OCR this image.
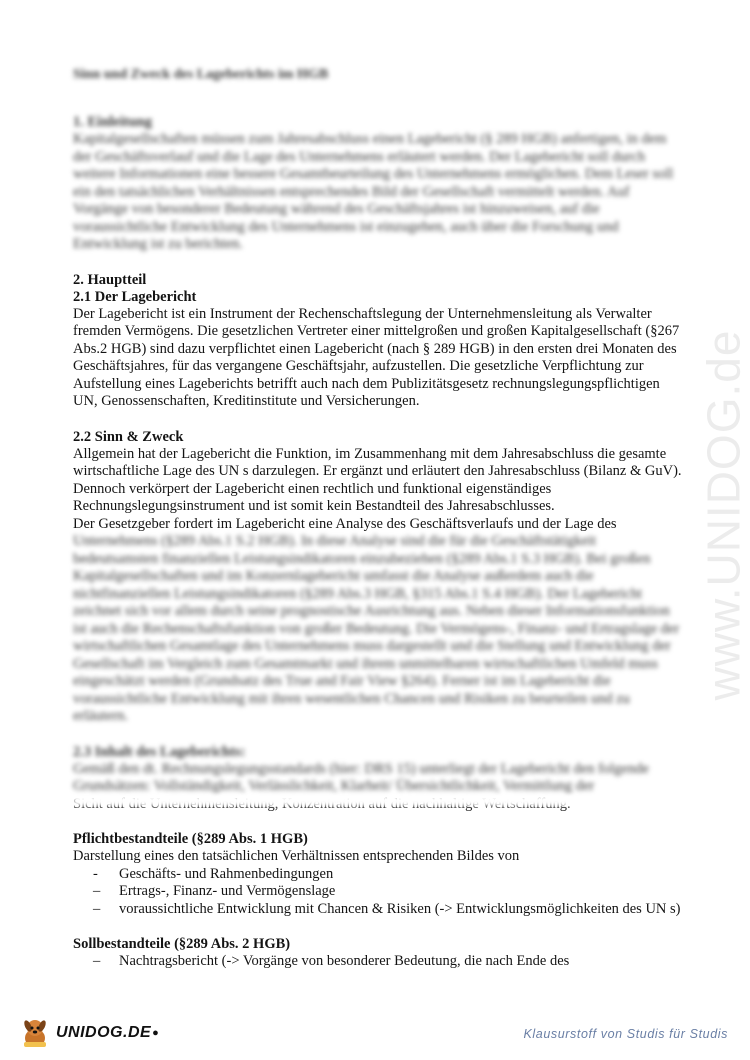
www.UNIDOG.de
Sinn und Zweck des Lageberichts im HGB
1. Einleitung
Kapitalgesellschaften müssen zum Jahresabschluss einen Lagebericht (§ 289 HGB) anfertigen, in dem der Geschäftsverlauf und die Lage des Unternehmens erläutert werden. Der Lagebericht soll durch weitere Informationen eine bessere Gesamtbeurteilung des Unternehmens ermöglichen. Dem Leser soll ein den tatsächlichen Verhältnissen entsprechendes Bild der Gesellschaft vermittelt werden. Auf Vorgänge von besonderer Bedeutung während des Geschäftsjahres ist hinzuweisen, auf die voraussichtliche Entwicklung des Unternehmens ist einzugehen, auch über die Forschung und Entwicklung ist zu berichten.
2. Hauptteil
2.1 Der Lagebericht
Der Lagebericht ist ein Instrument der Rechenschaftslegung der Unternehmensleitung als Verwalter fremden Vermögens. Die gesetzlichen Vertreter einer mittelgroßen und großen Kapitalgesellschaft (§267 Abs.2 HGB) sind dazu verpflichtet einen Lagebericht (nach § 289 HGB) in den ersten drei Monaten des Geschäftsjahres, für das vergangene Geschäftsjahr, aufzustellen. Die gesetzliche Verpflichtung zur Aufstellung eines Lageberichts betrifft auch nach dem Publizitätsgesetz rechnungslegungspflichtigen UN, Genossenschaften, Kreditinstitute und Versicherungen.
2.2 Sinn & Zweck
Allgemein hat der Lagebericht die Funktion, im Zusammenhang mit dem Jahresabschluss die gesamte wirtschaftliche Lage des UN s darzulegen. Er ergänzt und erläutert den Jahresabschluss (Bilanz & GuV). Dennoch verkörpert der Lagebericht einen rechtlich und funktional eigenständiges Rechnungslegungsinstrument und ist somit kein Bestandteil des Jahresabschlusses.
Der Gesetzgeber fordert im Lagebericht eine Analyse des Geschäftsverlaufs und der Lage des
Unternehmens (§289 Abs.1 S.2 HGB). In diese Analyse sind die für die Geschäftstätigkeit bedeutsamsten finanziellen Leistungsindikatoren einzubeziehen (§289 Abs.1 S.3 HGB). Bei großen Kapitalgesellschaften und im Konzernlagebericht umfasst die Analyse außerdem auch die nichtfinanziellen Leistungsindikatoren (§289 Abs.3 HGB, §315 Abs.1 S.4 HGB). Der Lagebericht zeichnet sich vor allem durch seine prognostische Ausrichtung aus. Neben dieser Informationsfunktion ist auch die Rechenschaftsfunktion von großer Bedeutung. Die Vermögens-, Finanz- und Ertragslage der wirtschaftlichen Gesamtlage des Unternehmens muss dargestellt und die Stellung und Entwicklung der Gesellschaft im Vergleich zum Gesamtmarkt und ihrem unmittelbaren wirtschaftlichen Umfeld muss eingeschätzt werden (Grundsatz des True and Fair View §264). Ferner ist im Lagebericht die voraussichtliche Entwicklung mit ihren wesentlichen Chancen und Risiken zu beurteilen und zu erläutern.
2.3 Inhalt des Lageberichts:
Gemäß den dt. Rechnungslegungsstandards (hier: DRS 15) unterliegt der Lagebericht den folgende Grundsätzen: Vollständigkeit, Verlässlichkeit, Klarheit/ Übersichtlichkeit, Vermittlung der
Pflichtbestandteile (§289 Abs. 1 HGB)
Darstellung eines den tatsächlichen Verhältnissen entsprechenden Bildes von
- Geschäfts- und Rahmenbedingungen
– Ertrags-, Finanz- und Vermögenslage
– voraussichtliche Entwicklung mit Chancen & Risiken (-> Entwicklungsmöglichkeiten des UN s)
Sollbestandteile (§289 Abs. 2 HGB)
– Nachtragsbericht (-> Vorgänge von besonderer Bedeutung, die nach Ende des
UNIDOG.DE ●	Klausurstoff von Studis für Studis
